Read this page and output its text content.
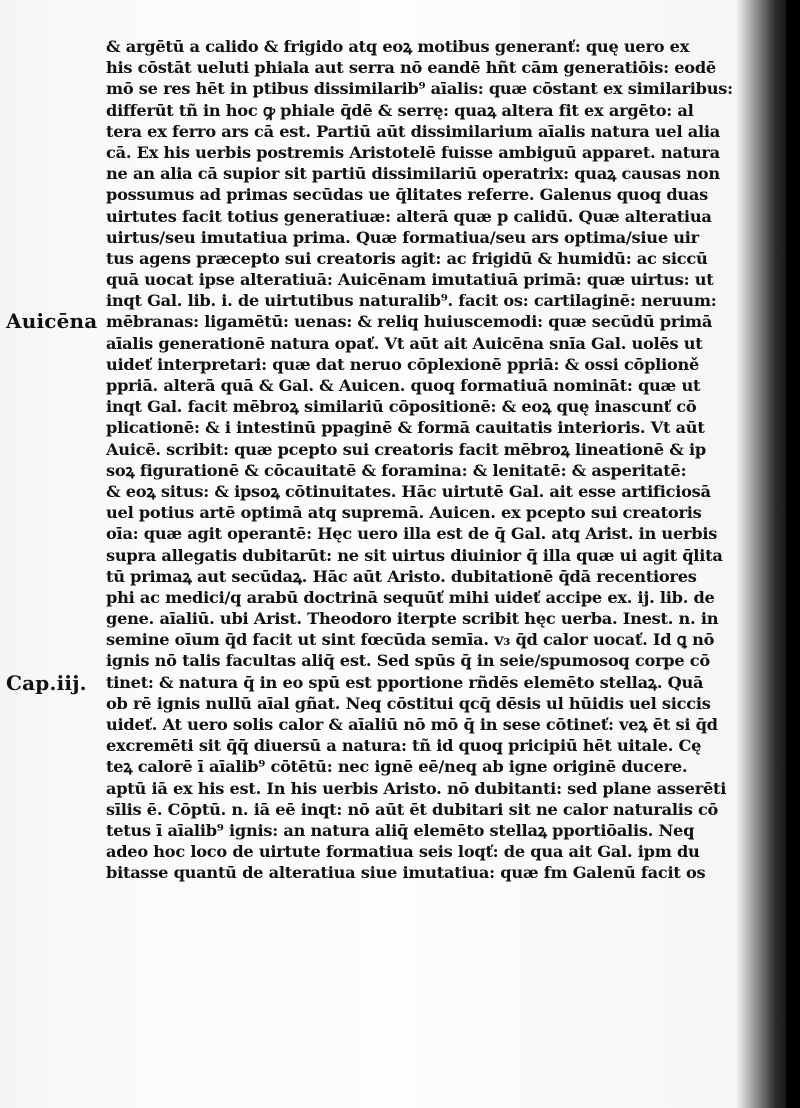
Auicēna
Cap.iij.
& argētū a calido & frigido atq̧ eoꝝ motibus generanť: quę uero ex
his cōstāt ueluti phiala aut serra nō eandē hñt cām generatiōis: eodē
mō se res hēt in ptibus dissimilarib⁹ aīalis: quæ cōstant ex similaribus:
differūt tñ in hoc ꝙ phiale q̄dē & serrę: quaꝝ altera fit ex argēto: al
tera ex ferro ars cā est. Partiū aūt dissimilarium aīalis natura uel alia
cā. Ex his uerbis postremis Aristotelē fuisse ambiguū apparet. natura
ne an alia cā supior sit partiū dissimilariū operatrix: quaꝝ causas non
possumus ad primas secūdas ue q̄litates referre. Galenus quoq̧ duas
uirtutes facit totius generatiuæ: alterā quæ p calidū. Quæ alteratiua
uirtus/seu imutatiua prima. Quæ formatiua/seu ars optima/siue uir
tus agens præcepto sui creatoris agit: ac frigidū & humidū: ac siccū
quā uocat ipse alteratiuā: Auicēnam imutatiuā primā: quæ uirtus: ut
inqt Gal. lib. i. de uirtutibus naturalib⁹. facit os: cartilaginē: neruum:
mēbranas: ligamētū: uenas: & reliq huiuscemodi: quæ secūdū primā
aīalis generationē natura opať. Vt aūt ait Auicēna snīa Gal. uolēs ut
uideť interpretari: quæ dat neruo cōplexionē ppriā: & ossi cōplioně
ppriā. alterā quā & Gal. & Auicen. quoq̧ formatiuā nomināt: quæ ut
inqt Gal. facit mēbroꝝ similariū cōpositionē: & eoꝝ quę inascunť cō
plicationē: & i intestinū ppaginē & formā cauitatis interioris. Vt aūt
Auicē. scribit: quæ pcepto sui creatoris facit mēbroꝝ lineationē & ip
soꝝ figurationē & cōcauitatē & foramina: & lenitatē: & asperitatē:
& eoꝝ situs: & ipsoꝝ cōtinuitates. Hāc uirtutē Gal. ait esse artificiosā
uel potius artē optimā atq̧ supremā. Auicen. ex pcepto sui creatoris
oīa: quæ agit operantē: Hęc uero illa est de q̄ Gal. atq̧ Arist. in uerbis
supra allegatis dubitarūt: ne sit uirtus diuinior q̄ illa quæ ui agit q̄lita
tū primaꝝ aut secūdaꝝ. Hāc aūt Aristo. dubitationē q̄dā recentiores
phi ac medici/q arabū doctrinā sequūť mihi uideť accipe ex. ij. lib. de
gene. aīaliū. ubi Arist. Theodoro iterpte scribit hęc uerba. Inest. n. in
semine oīum q̄d facit ut sint fœcūda semīa. v₃ q̄d calor uocať. Id ꝗ nō
ignis nō talis facultas aliq̄ est. Sed spūs q̄ in seie/spumosoq̧ corpe cō
tinet: & natura q̄ in eo spū est pportione rñdēs elemēto stellaꝝ. Quā
ob rē ignis nullū aīal gñat. Neq̧ cōstitui qcq̄ dēsis ul hūidis uel siccis
uideť. At uero solis calor & aīaliū nō mō q̄ in sese cōtineť: veꝝ ēt si q̄d
excremēti sit q̄q̄ diuersū a natura: tñ id quoq̧ pricipiū hēt uitale. Cę
teꝝ calorē ī aīalib⁹ cōtētū: nec ignē eē/neq̧ ab igne originē ducere.
aptū iā ex his est. In his uerbis Aristo. nō dubitanti: sed plane asserēti
sīlis ē. Cōptū. n. iā eē inqt: nō aūt ēt dubitari sit ne calor naturalis cō
tetus ī aīalib⁹ ignis: an natura aliq̄ elemēto stellaꝝ pportiōalis. Neq̧
adeo hoc loco de uirtute formatiua seis loqť: de qua ait Gal. ipm du
bitasse quantū de alteratiua siue imutatiua: quæ fm Galenū facit os
